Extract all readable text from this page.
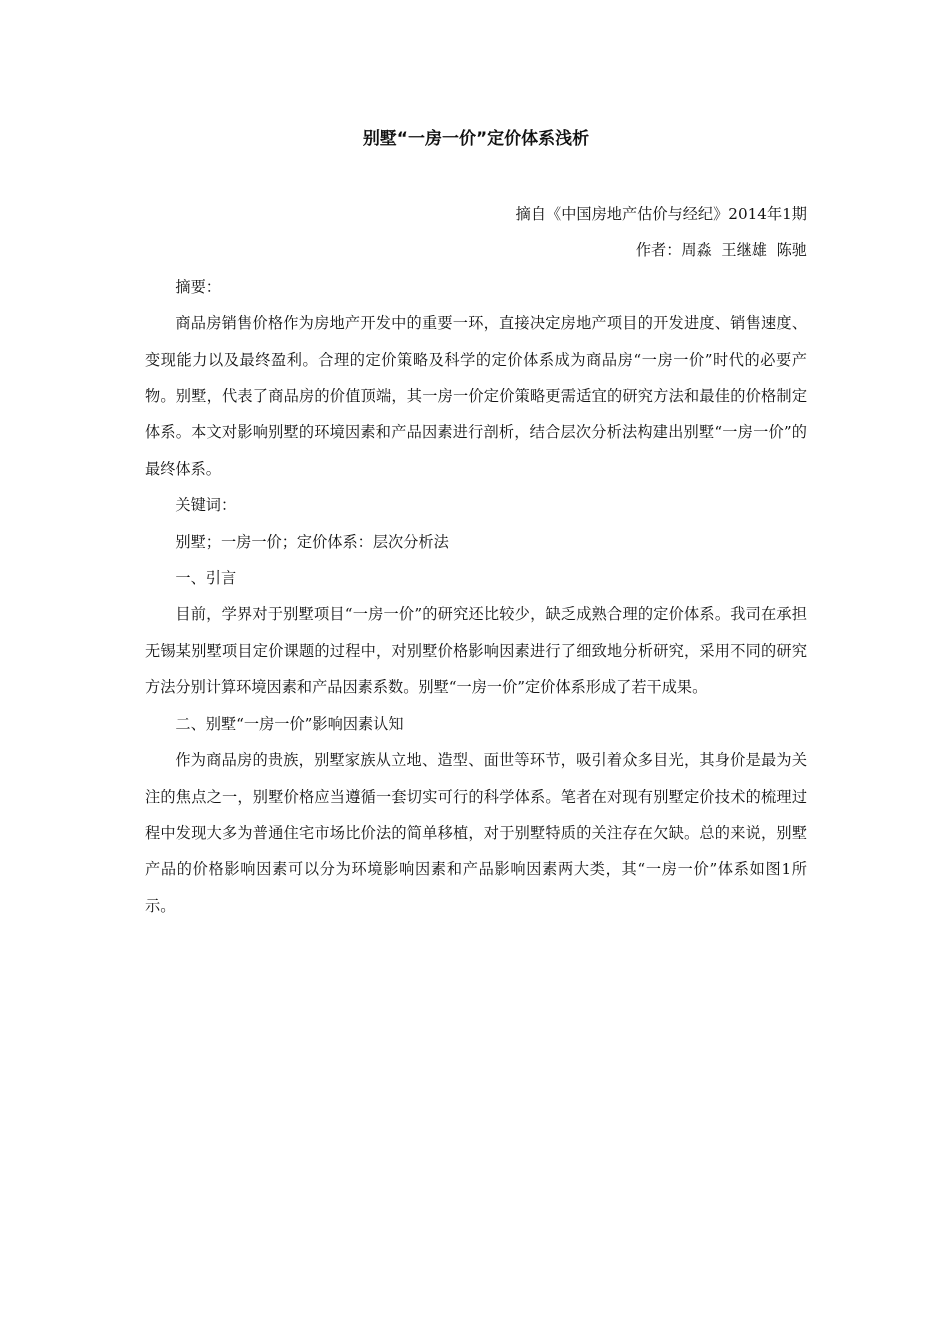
别墅“一房一价”定价体系浅析

摘自《中国房地产估价与经纪》2014年1期

作者：周淼  王继雄  陈驰

摘要：

商品房销售价格作为房地产开发中的重要一环，直接决定房地产项目的开发进度、销售速度、变现能力以及最终盈利。合理的定价策略及科学的定价体系成为商品房“一房一价”时代的必要产物。别墅，代表了商品房的价值顶端，其一房一价定价策略更需适宜的研究方法和最佳的价格制定体系。本文对影响别墅的环境因素和产品因素进行剖析，结合层次分析法构建出别墅“一房一价”的最终体系。

关键词：

别墅；一房一价；定价体系：层次分析法

一、引言

目前，学界对于别墅项目“一房一价”的研究还比较少，缺乏成熟合理的定价体系。我司在承担无锡某别墅项目定价课题的过程中，对别墅价格影响因素进行了细致地分析研究，采用不同的研究方法分别计算环境因素和产品因素系数。别墅“一房一价”定价体系形成了若干成果。

二、别墅“一房一价”影响因素认知

作为商品房的贵族，别墅家族从立地、造型、面世等环节，吸引着众多目光，其身价是最为关注的焦点之一，别墅价格应当遵循一套切实可行的科学体系。笔者在对现有别墅定价技术的梳理过程中发现大多为普通住宅市场比价法的简单移植，对于别墅特质的关注存在欠缺。总的来说，别墅产品的价格影响因素可以分为环境影响因素和产品影响因素两大类，其“一房一价”体系如图1所示。
